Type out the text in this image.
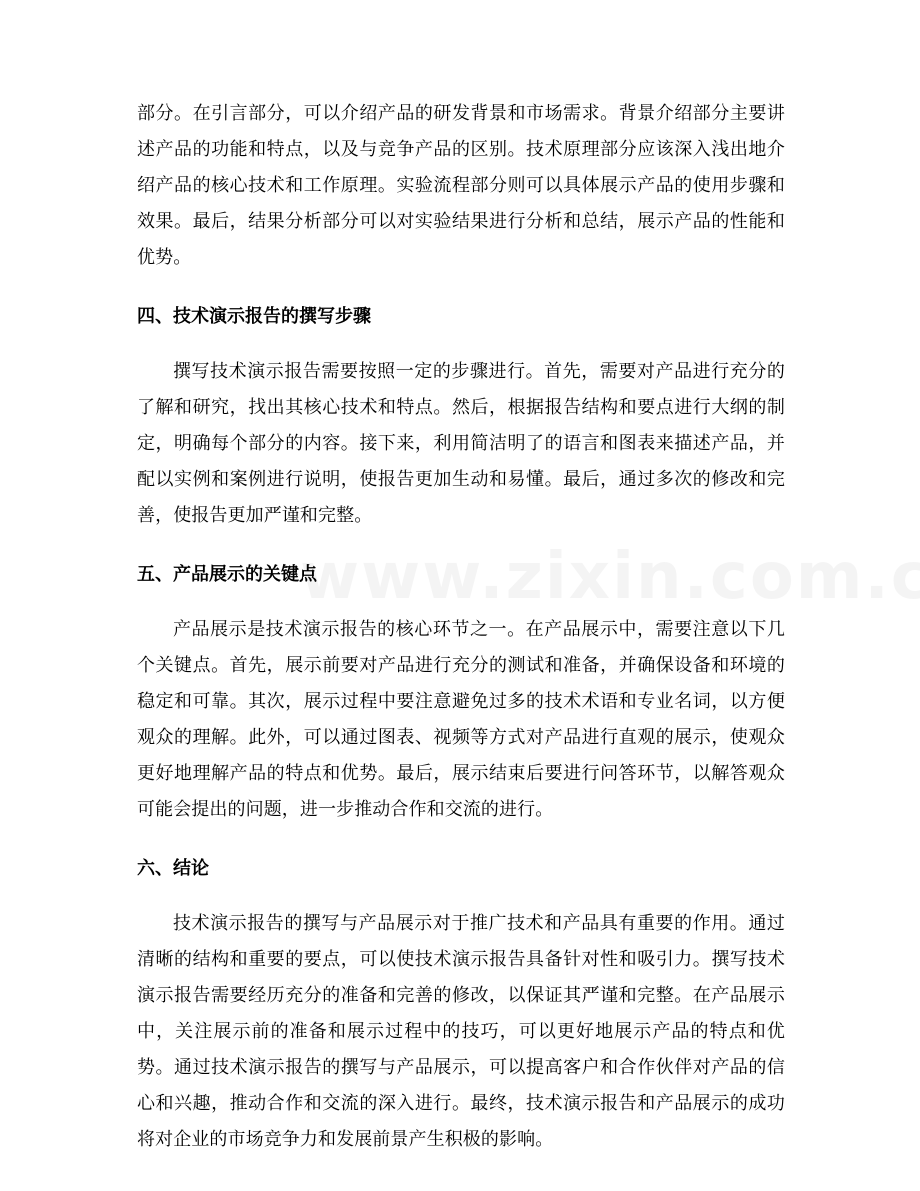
部分。在引言部分，可以介绍产品的研发背景和市场需求。背景介绍部分主要讲述产品的功能和特点，以及与竞争产品的区别。技术原理部分应该深入浅出地介绍产品的核心技术和工作原理。实验流程部分则可以具体展示产品的使用步骤和效果。最后，结果分析部分可以对实验结果进行分析和总结，展示产品的性能和优势。

四、技术演示报告的撰写步骤

撰写技术演示报告需要按照一定的步骤进行。首先，需要对产品进行充分的了解和研究，找出其核心技术和特点。然后，根据报告结构和要点进行大纲的制定，明确每个部分的内容。接下来，利用简洁明了的语言和图表来描述产品，并配以实例和案例进行说明，使报告更加生动和易懂。最后，通过多次的修改和完善，使报告更加严谨和完整。

五、产品展示的关键点

产品展示是技术演示报告的核心环节之一。在产品展示中，需要注意以下几个关键点。首先，展示前要对产品进行充分的测试和准备，并确保设备和环境的稳定和可靠。其次，展示过程中要注意避免过多的技术术语和专业名词，以方便观众的理解。此外，可以通过图表、视频等方式对产品进行直观的展示，使观众更好地理解产品的特点和优势。最后，展示结束后要进行问答环节，以解答观众可能会提出的问题，进一步推动合作和交流的进行。

六、结论

技术演示报告的撰写与产品展示对于推广技术和产品具有重要的作用。通过清晰的结构和重要的要点，可以使技术演示报告具备针对性和吸引力。撰写技术演示报告需要经历充分的准备和完善的修改，以保证其严谨和完整。在产品展示中，关注展示前的准备和展示过程中的技巧，可以更好地展示产品的特点和优势。通过技术演示报告的撰写与产品展示，可以提高客户和合作伙伴对产品的信心和兴趣，推动合作和交流的深入进行。最终，技术演示报告和产品展示的成功将对企业的市场竞争力和发展前景产生积极的影响。
